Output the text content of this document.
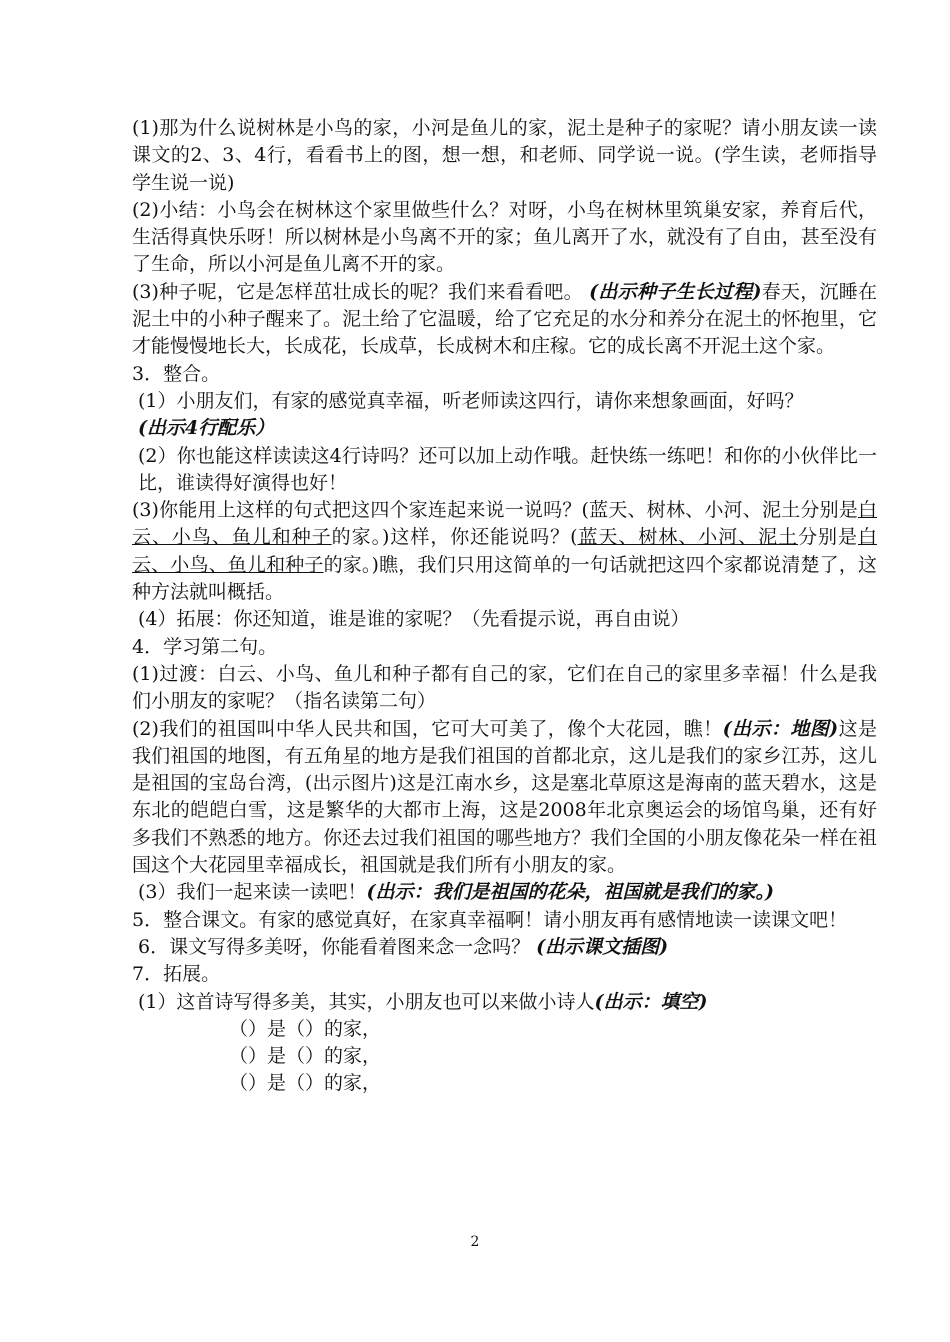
(1)那为什么说树林是小鸟的家，小河是鱼儿的家，泥土是种子的家呢？请小朋友读一读课文的2、3、4行，看看书上的图，想一想，和老师、同学说一说。(学生读，老师指导学生说一说)

(2)小结：小鸟会在树林这个家里做些什么？对呀，小鸟在树林里筑巢安家，养育后代，生活得真快乐呀！所以树林是小鸟离不开的家；鱼儿离开了水，就没有了自由，甚至没有了生命，所以小河是鱼儿离不开的家。

(3)种子呢，它是怎样茁壮成长的呢？我们来看看吧。 (出示种子生长过程)春天，沉睡在泥土中的小种子醒来了。泥土给了它温暖，给了它充足的水分和养分在泥土的怀抱里，它才能慢慢地长大，长成花，长成草，长成树木和庄稼。它的成长离不开泥土这个家。

3．整合。

(1）小朋友们，有家的感觉真幸福，听老师读这四行，请你来想象画面，好吗？

(出示4行配乐）

(2）你也能这样读读这4行诗吗？还可以加上动作哦。赶快练一练吧！和你的小伙伴比一比，谁读得好演得也好！

(3)你能用上这样的句式把这四个家连起来说一说吗？(蓝天、树林、小河、泥土分别是白云、小鸟、鱼儿和种子的家。)这样，你还能说吗？(蓝天、树林、小河、泥土分别是白云、小鸟、鱼儿和种子的家。)瞧，我们只用这简单的一句话就把这四个家都说清楚了，这种方法就叫概括。

(4）拓展：你还知道，谁是谁的家呢？（先看提示说，再自由说）

4．学习第二句。

(1)过渡：白云、小鸟、鱼儿和种子都有自己的家，它们在自己的家里多幸福！什么是我们小朋友的家呢？（指名读第二句）

(2)我们的祖国叫中华人民共和国，它可大可美了，像个大花园，瞧！(出示：地图)这是我们祖国的地图，有五角星的地方是我们祖国的首都北京，这儿是我们的家乡江苏，这儿是祖国的宝岛台湾，(出示图片)这是江南水乡，这是塞北草原这是海南的蓝天碧水，这是东北的皑皑白雪，这是繁华的大都市上海，这是2008年北京奥运会的场馆鸟巢，还有好多我们不熟悉的地方。你还去过我们祖国的哪些地方？我们全国的小朋友像花朵一样在祖国这个大花园里幸福成长，祖国就是我们所有小朋友的家。

(3）我们一起来读一读吧！(出示：我们是祖国的花朵，祖国就是我们的家。)

5．整合课文。有家的感觉真好，在家真幸福啊！请小朋友再有感情地读一读课文吧！

6．课文写得多美呀，你能看着图来念一念吗？ (出示课文插图)

7．拓展。

(1）这首诗写得多美，其实，小朋友也可以来做小诗人(出示：填空)

（）是（）的家，

（）是（）的家，

（）是（）的家，

2
